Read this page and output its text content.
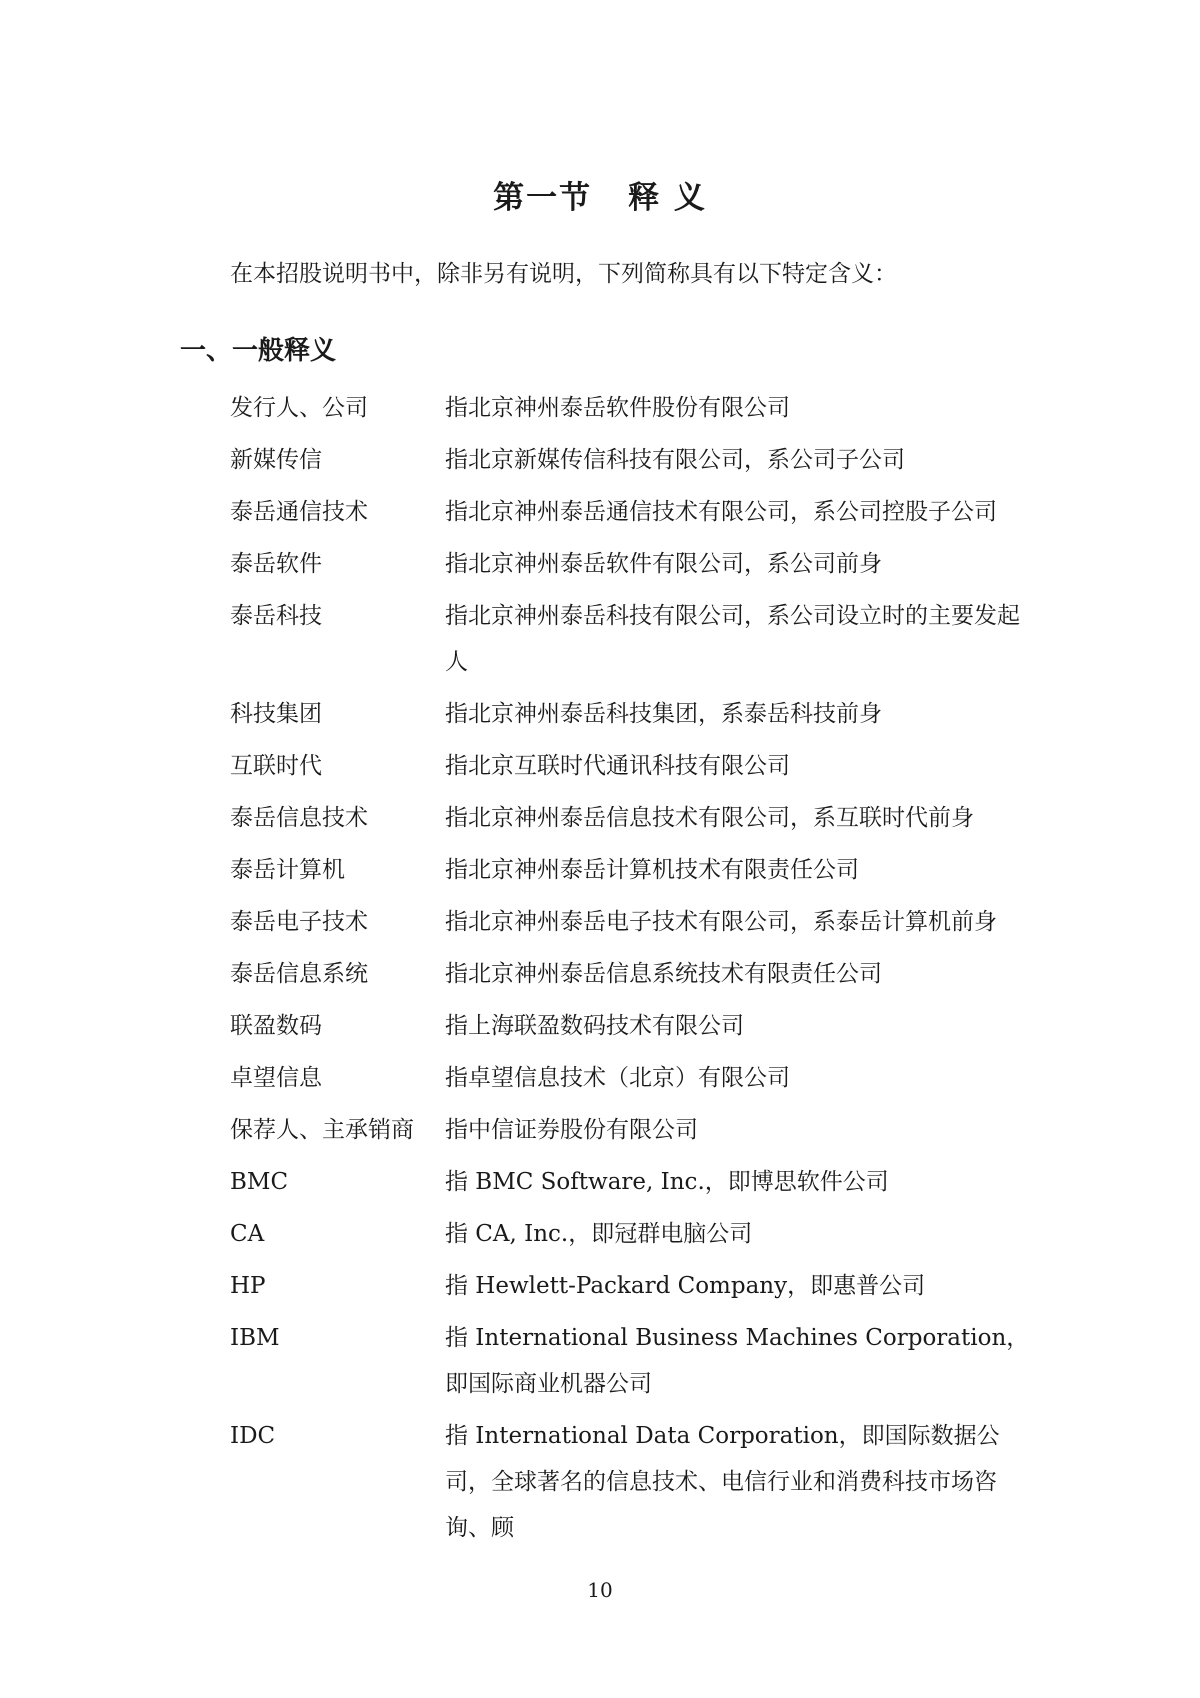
第一节 释 义
在本招股说明书中，除非另有说明，下列简称具有以下特定含义：
一、一般释义
发行人、公司	指北京神州泰岳软件股份有限公司
新媒传信	指北京新媒传信科技有限公司，系公司子公司
泰岳通信技术	指北京神州泰岳通信技术有限公司，系公司控股子公司
泰岳软件	指北京神州泰岳软件有限公司，系公司前身
泰岳科技	指北京神州泰岳科技有限公司，系公司设立时的主要发起人
科技集团	指北京神州泰岳科技集团，系泰岳科技前身
互联时代	指北京互联时代通讯科技有限公司
泰岳信息技术	指北京神州泰岳信息技术有限公司，系互联时代前身
泰岳计算机	指北京神州泰岳计算机技术有限责任公司
泰岳电子技术	指北京神州泰岳电子技术有限公司，系泰岳计算机前身
泰岳信息系统	指北京神州泰岳信息系统技术有限责任公司
联盈数码	指上海联盈数码技术有限公司
卓望信息	指卓望信息技术（北京）有限公司
保荐人、主承销商	指中信证券股份有限公司
BMC	指 BMC Software, Inc.，即博思软件公司
CA	指 CA, Inc.，即冠群电脑公司
HP	指 Hewlett-Packard Company，即惠普公司
IBM	指 International Business Machines Corporation，即国际商业机器公司
IDC	指 International Data Corporation，即国际数据公司，全球著名的信息技术、电信行业和消费科技市场咨询、顾
10
